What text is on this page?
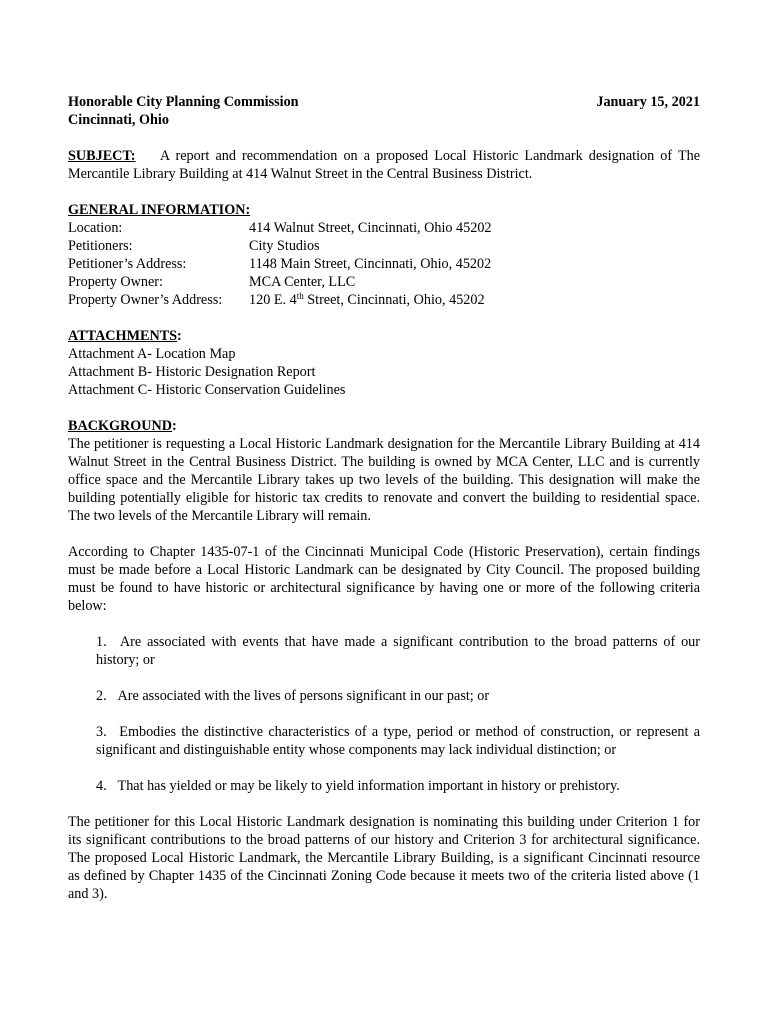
Honorable City Planning Commission	January 15, 2021
Cincinnati, Ohio
SUBJECT: A report and recommendation on a proposed Local Historic Landmark designation of The Mercantile Library Building at 414 Walnut Street in the Central Business District.
GENERAL INFORMATION:
Location:	414 Walnut Street, Cincinnati, Ohio 45202
Petitioners:	City Studios
Petitioner’s Address:	1148 Main Street, Cincinnati, Ohio, 45202
Property Owner:	MCA Center, LLC
Property Owner’s Address:	120 E. 4th Street, Cincinnati, Ohio, 45202
ATTACHMENTS:
Attachment A- Location Map
Attachment B- Historic Designation Report
Attachment C- Historic Conservation Guidelines
BACKGROUND:
The petitioner is requesting a Local Historic Landmark designation for the Mercantile Library Building at 414 Walnut Street in the Central Business District. The building is owned by MCA Center, LLC and is currently office space and the Mercantile Library takes up two levels of the building. This designation will make the building potentially eligible for historic tax credits to renovate and convert the building to residential space. The two levels of the Mercantile Library will remain.
According to Chapter 1435-07-1 of the Cincinnati Municipal Code (Historic Preservation), certain findings must be made before a Local Historic Landmark can be designated by City Council. The proposed building must be found to have historic or architectural significance by having one or more of the following criteria below:
1. Are associated with events that have made a significant contribution to the broad patterns of our history; or
2. Are associated with the lives of persons significant in our past; or
3. Embodies the distinctive characteristics of a type, period or method of construction, or represent a significant and distinguishable entity whose components may lack individual distinction; or
4. That has yielded or may be likely to yield information important in history or prehistory.
The petitioner for this Local Historic Landmark designation is nominating this building under Criterion 1 for its significant contributions to the broad patterns of our history and Criterion 3 for architectural significance. The proposed Local Historic Landmark, the Mercantile Library Building, is a significant Cincinnati resource as defined by Chapter 1435 of the Cincinnati Zoning Code because it meets two of the criteria listed above (1 and 3).
